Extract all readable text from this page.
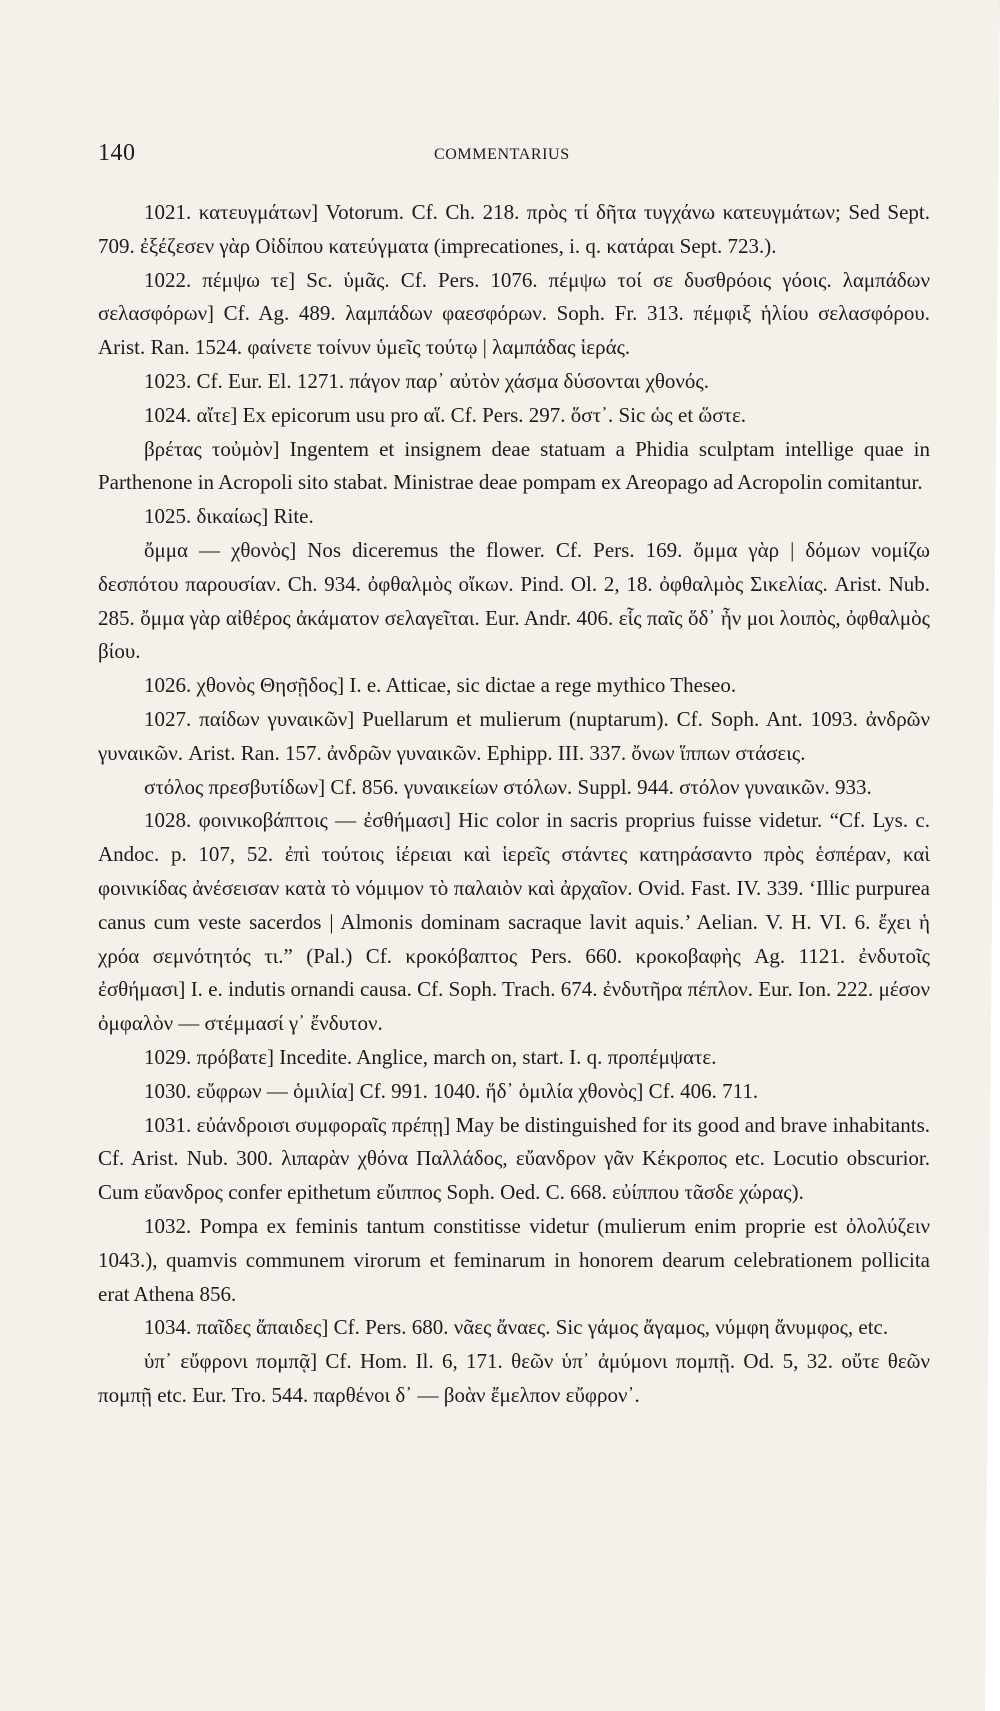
140	COMMENTARIUS

1021. κατευγμάτων] Votorum. Cf. Ch. 218. πρὸς τί δῆτα τυγχάνω κατευγμάτων; Sed Sept. 709. ἐξέζεσεν γὰρ Οἰδίπου κατεύγματα (imprecationes, i. q. κατάραι Sept. 723.).

1022. πέμψω τε] Sc. ὑμᾶς. Cf. Pers. 1076. πέμψω τοί σε δυσθρόοις γόοις. λαμπάδων σελασφόρων] Cf. Ag. 489. λαμπάδων φαεσφόρων. Soph. Fr. 313. πέμφιξ ἡλίου σελασφόρου. Arist. Ran. 1524. φαίνετε τοίνυν ὑμεῖς τούτῳ | λαμπάδας ἱεράς.

1023. Cf. Eur. El. 1271. πάγον παρ᾽ αὐτὸν χάσμα δύσονται χθονός.

1024. αἴτε] Ex epicorum usu pro αἵ. Cf. Pers. 297. ὅστ᾽. Sic ὡς et ὥστε.

βρέτας τοὐμὸν] Ingentem et insignem deae statuam a Phidia sculptam intellige quae in Parthenone in Acropoli sito stabat. Ministrae deae pompam ex Areopago ad Acropolin comitantur.

1025. δικαίως] Rite.

ὄμμα — χθονὸς] Nos diceremus the flower. Cf. Pers. 169. ὄμμα γὰρ | δόμων νομίζω δεσπότου παρουσίαν. Ch. 934. ὀφθαλμὸς οἴκων. Pind. Ol. 2, 18. ὀφθαλμὸς Σικελίας. Arist. Nub. 285. ὄμμα γὰρ αἰθέρος ἀκάματον σελαγεῖται. Eur. Andr. 406. εἷς παῖς ὅδ᾽ ἦν μοι λοιπὸς, ὀφθαλμὸς βίου.

1026. χθονὸς Θησῇδος] I. e. Atticae, sic dictae a rege mythico Theseo.

1027. παίδων γυναικῶν] Puellarum et mulierum (nuptarum). Cf. Soph. Ant. 1093. ἀνδρῶν γυναικῶν. Arist. Ran. 157. ἀνδρῶν γυναικῶν. Ephipp. III. 337. ὄνων ἵππων στάσεις.

στόλος πρεσβυτίδων] Cf. 856. γυναικείων στόλων. Suppl. 944. στόλον γυναικῶν. 933.

1028. φοινικοβάπτοις — ἐσθήμασι] Hic color in sacris proprius fuisse videtur. “Cf. Lys. c. Andoc. p. 107, 52. ἐπὶ τούτοις ἱέρειαι καὶ ἱερεῖς στάντες κατηράσαντο πρὸς ἑσπέραν, καὶ φοινικίδας ἀνέσεισαν κατὰ τὸ νόμιμον τὸ παλαιὸν καὶ ἀρχαῖον. Ovid. Fast. IV. 339. ‘Illic purpurea canus cum veste sacerdos | Almonis dominam sacraque lavit aquis.’ Aelian. V. H. VI. 6. ἔχει ἡ χρόα σεμνότητός τι.” (Pal.) Cf. κροκόβαπτος Pers. 660. κροκοβαφὴς Ag. 1121. ἐνδυτοῖς ἐσθήμασι] I. e. indutis ornandi causa. Cf. Soph. Trach. 674. ἐνδυτῆρα πέπλον. Eur. Ion. 222. μέσον ὀμφαλὸν — στέμμασί γ᾽ ἔνδυτον.

1029. πρόβατε] Incedite. Anglice, march on, start. I. q. προπέμψατε.

1030. εὔφρων — ὁμιλία] Cf. 991. 1040. ἥδ᾽ ὁμιλία χθονὸς] Cf. 406. 711.

1031. εὐάνδροισι συμφοραῖς πρέπῃ] May be distinguished for its good and brave inhabitants. Cf. Arist. Nub. 300. λιπαρὰν χθόνα Παλλάδος, εὔανδρον γᾶν Κέκροπος etc. Locutio obscurior. Cum εὔανδρος confer epithetum εὔιππος Soph. Oed. C. 668. εὐίππου τᾶσδε χώρας).

1032. Pompa ex feminis tantum constitisse videtur (mulierum enim proprie est ὀλολύζειν 1043.), quamvis communem virorum et feminarum in honorem dearum celebrationem pollicita erat Athena 856.

1034. παῖδες ἄπαιδες] Cf. Pers. 680. νᾶες ἄναες. Sic γάμος ἄγαμος, νύμφη ἄνυμφος, etc.

ὑπ᾽ εὔφρονι πομπᾷ] Cf. Hom. Il. 6, 171. θεῶν ὑπ᾽ ἀμύμονι πομπῇ. Od. 5, 32. οὔτε θεῶν πομπῇ etc. Eur. Tro. 544. παρθένοι δ᾽ — βοὰν ἔμελπον εὔφρον᾽.
